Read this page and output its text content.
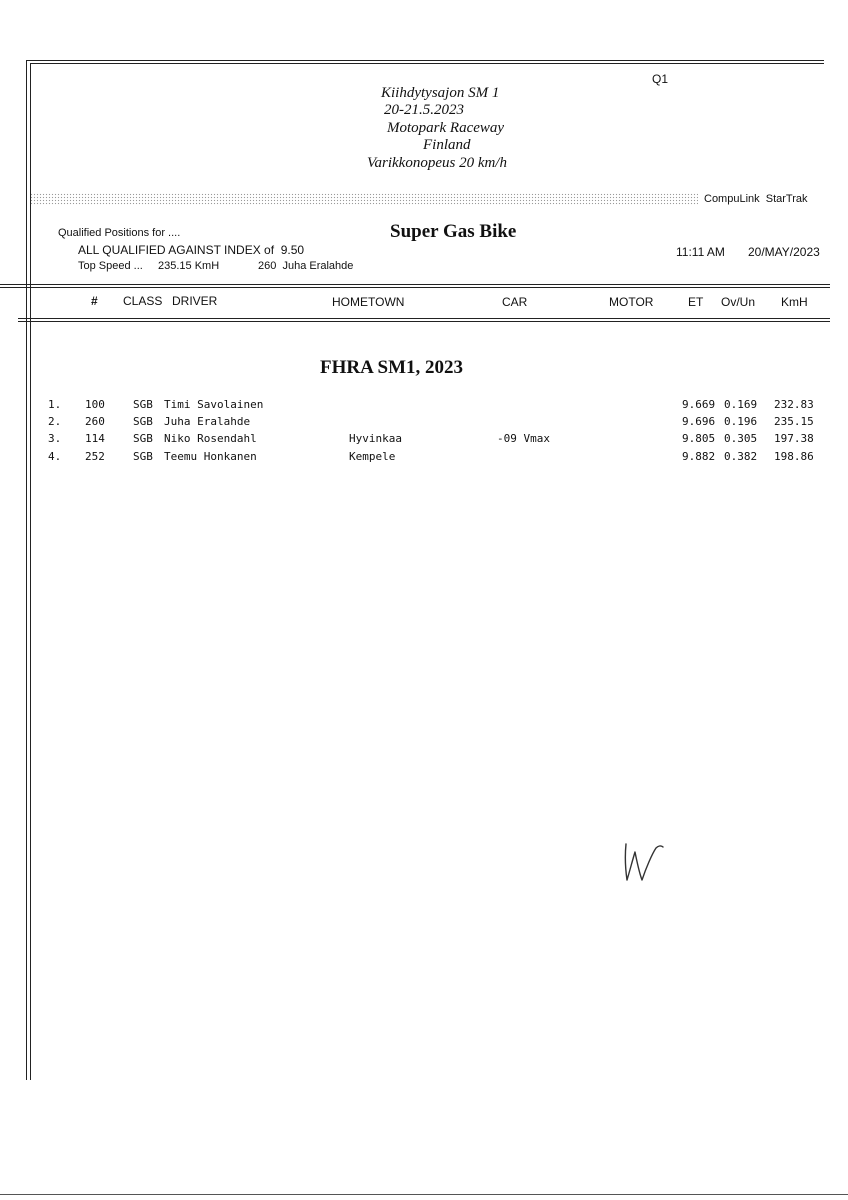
Q1
Kiihdytysajon SM 1
20-21.5.2023
Motopark Raceway
Finland
Varikkonopeus 20 km/h
CompuLink  StarTrak
Qualified Positions for ....
ALL QUALIFIED AGAINST INDEX of  9.50
Top Speed ... 235.15 KmH	260  Juha Eralahde
Super Gas Bike
11:11 AM 20/MAY/2023
# CLASS DRIVER	HOMETOWN	CAR	MOTOR	ET Ov/Un KmH
FHRA SM1, 2023
1. 100	SGB Timi Savolainen	9.669 0.169 232.83
2. 260	SGB Juha Eralahde	9.696 0.196 235.15
3. 114	SGB Niko Rosendahl	Hyvinkaa	-09 Vmax	9.805 0.305 197.38
4. 252	SGB Teemu Honkanen	Kempele	9.882 0.382 198.86
